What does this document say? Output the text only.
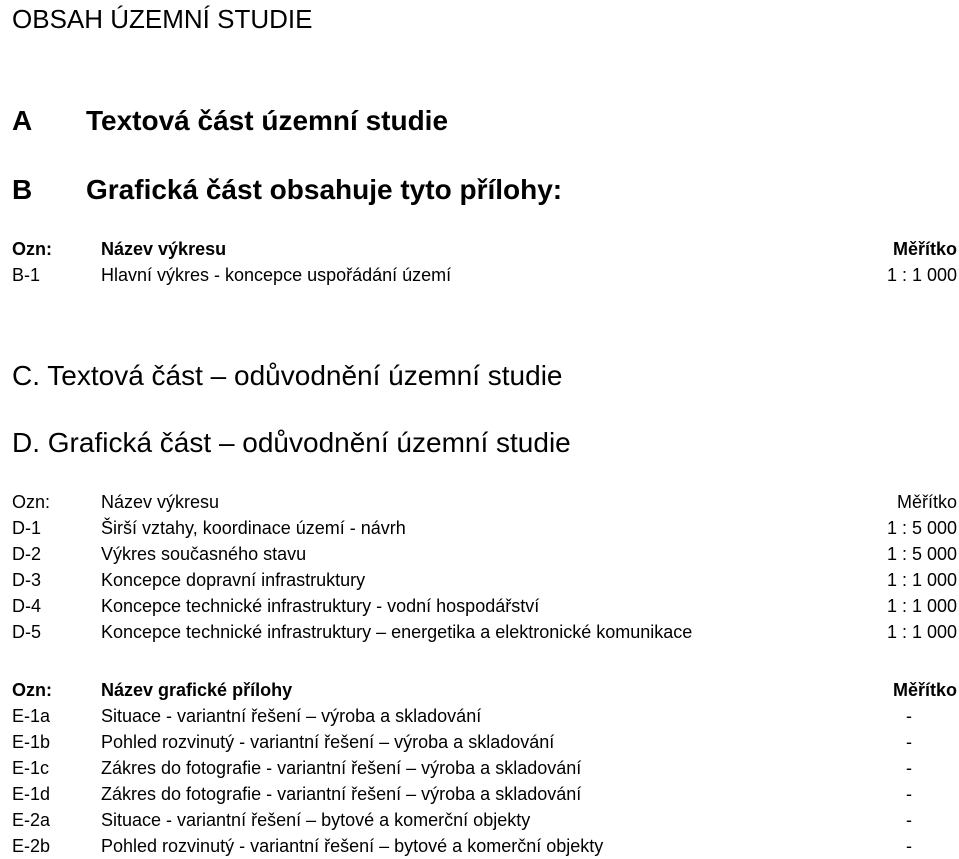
OBSAH ÚZEMNÍ STUDIE
A Textová část územní studie
B Grafická část obsahuje tyto přílohy:
Ozn:	Název výkresu	Měřítko
B-1	Hlavní výkres - koncepce uspořádání území	1 : 1 000
C. Textová část – odůvodnění územní studie
D. Grafická část – odůvodnění územní studie
Ozn:	Název výkresu	Měřítko
D-1	Širší vztahy, koordinace území - návrh	1 : 5 000
D-2	Výkres současného stavu	1 : 5 000
D-3	Koncepce dopravní infrastruktury	1 : 1 000
D-4	Koncepce technické infrastruktury - vodní hospodářství	1 : 1 000
D-5	Koncepce technické infrastruktury – energetika a elektronické komunikace	1 : 1 000
Ozn:	Název grafické přílohy	Měřítko
E-1a	Situace - variantní řešení – výroba a skladování	-
E-1b	Pohled rozvinutý - variantní řešení – výroba a skladování	-
E-1c	Zákres do fotografie - variantní řešení – výroba a skladování	-
E-1d	Zákres do fotografie - variantní řešení – výroba a skladování	-
E-2a	Situace - variantní řešení – bytové a komerční objekty	-
E-2b	Pohled rozvinutý - variantní řešení – bytové a komerční objekty	-
